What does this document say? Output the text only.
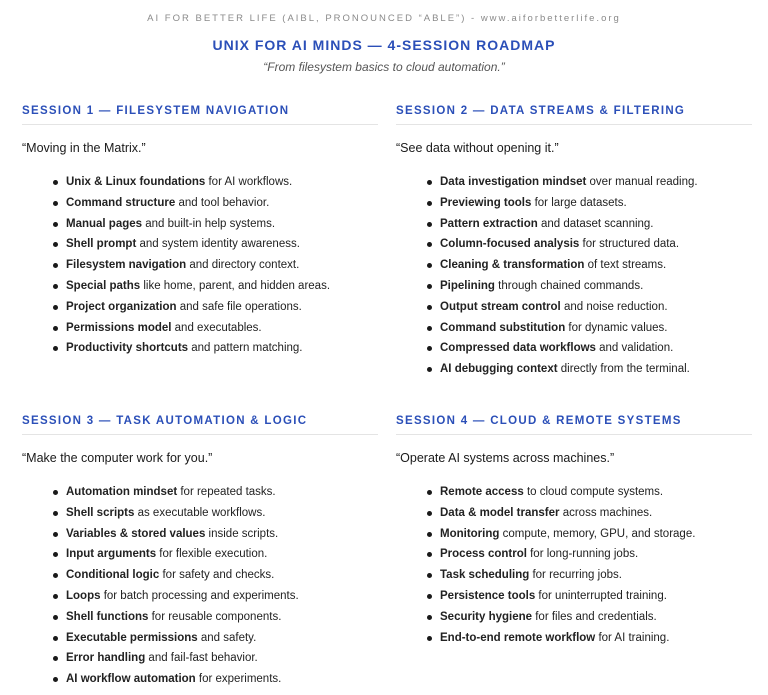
AI FOR BETTER LIFE (AIBL, PRONOUNCED “ABLE”) - www.aiforbetterlife.org
UNIX FOR AI MINDS — 4-SESSION ROADMAP
“From filesystem basics to cloud automation.”
SESSION 1 — FILESYSTEM NAVIGATION
“Moving in the Matrix.”
Unix & Linux foundations for AI workflows.
Command structure and tool behavior.
Manual pages and built-in help systems.
Shell prompt and system identity awareness.
Filesystem navigation and directory context.
Special paths like home, parent, and hidden areas.
Project organization and safe file operations.
Permissions model and executables.
Productivity shortcuts and pattern matching.
SESSION 2 — DATA STREAMS & FILTERING
“See data without opening it.”
Data investigation mindset over manual reading.
Previewing tools for large datasets.
Pattern extraction and dataset scanning.
Column-focused analysis for structured data.
Cleaning & transformation of text streams.
Pipelining through chained commands.
Output stream control and noise reduction.
Command substitution for dynamic values.
Compressed data workflows and validation.
AI debugging context directly from the terminal.
SESSION 3 — TASK AUTOMATION & LOGIC
“Make the computer work for you.”
Automation mindset for repeated tasks.
Shell scripts as executable workflows.
Variables & stored values inside scripts.
Input arguments for flexible execution.
Conditional logic for safety and checks.
Loops for batch processing and experiments.
Shell functions for reusable components.
Executable permissions and safety.
Error handling and fail-fast behavior.
AI workflow automation for experiments.
SESSION 4 — CLOUD & REMOTE SYSTEMS
“Operate AI systems across machines.”
Remote access to cloud compute systems.
Data & model transfer across machines.
Monitoring compute, memory, GPU, and storage.
Process control for long-running jobs.
Task scheduling for recurring jobs.
Persistence tools for uninterrupted training.
Security hygiene for files and credentials.
End-to-end remote workflow for AI training.
